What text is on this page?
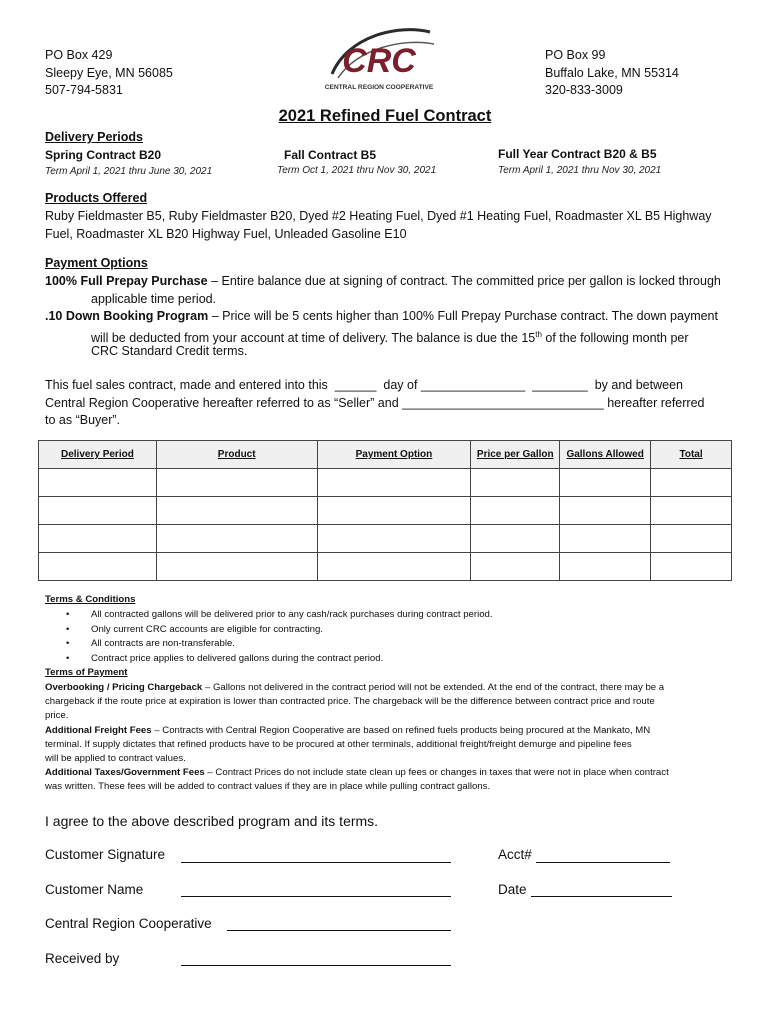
PO Box 429
Sleepy Eye, MN 56085
507-794-5831
PO Box 99
Buffalo Lake, MN 55314
320-833-3009
CRC
CENTRAL REGION COOPERATIVE
2021 Refined Fuel Contract
Delivery Periods
Spring Contract B20
Term April 1, 2021 thru June 30, 2021
Fall Contract B5
Term Oct 1, 2021 thru Nov 30, 2021
Full Year Contract B20 & B5
Term April 1, 2021 thru Nov 30, 2021
Products Offered
Ruby Fieldmaster B5, Ruby Fieldmaster B20, Dyed #2 Heating Fuel, Dyed #1 Heating Fuel, Roadmaster XL B5 Highway
Fuel, Roadmaster XL B20 Highway Fuel, Unleaded Gasoline E10
Payment Options
100% Full Prepay Purchase – Entire balance due at signing of contract. The committed price per gallon is locked through
applicable time period.
.10 Down Booking Program – Price will be 5 cents higher than 100% Full Prepay Purchase contract. The down payment
will be deducted from your account at time of delivery. The balance is due the 15th of the following month per
CRC Standard Credit terms.
This fuel sales contract, made and entered into this  ______  day of _______________  ________  by and between
Central Region Cooperative hereafter referred to as “Seller” and _____________________________ hereafter referred
to as “Buyer”.
Delivery Period	Product	Payment Option	Price per Gallon	Gallons Allowed	Total

Terms & Conditions
• All contracted gallons will be delivered prior to any cash/rack purchases during contract period.
• Only current CRC accounts are eligible for contracting.
• All contracts are non-transferable.
• Contract price applies to delivered gallons during the contract period.
Terms of Payment
Overbooking / Pricing Chargeback – Gallons not delivered in the contract period will not be extended. At the end of the contract, there may be a
chargeback if the route price at expiration is lower than contracted price. The chargeback will be the difference between contract price and route
price.
Additional Freight Fees – Contracts with Central Region Cooperative are based on refined fuels products being procured at the Mankato, MN
terminal. If supply dictates that refined products have to be procured at other terminals, additional freight/freight demurge and pipeline fees
will be applied to contract values.
Additional Taxes/Government Fees – Contract Prices do not include state clean up fees or changes in taxes that were not in place when contract
was written. These fees will be added to contract values if they are in place while pulling contract gallons.
I agree to the above described program and its terms.
Customer Signature	Acct#
Customer Name	Date
Central Region Cooperative
Received by
